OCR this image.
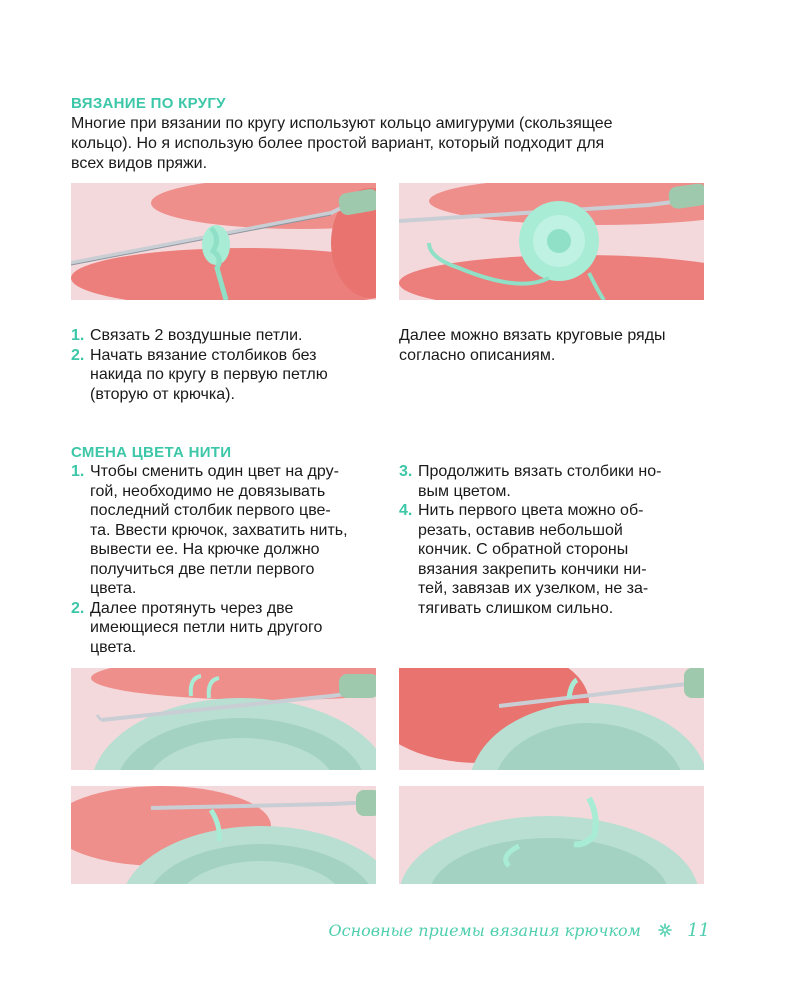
ВЯЗАНИЕ ПО КРУГУ
Многие при вязании по кругу используют кольцо амигуруми (скользящее
кольцо). Но я использую более простой вариант, который подходит для
всех видов пряжи.
1. Связать 2 воздушные петли.
2. Начать вязание столбиков без
накида по кругу в первую петлю
(вторую от крючка).
Далее можно вязать круговые ряды
согласно описаниям.
СМЕНА ЦВЕТА НИТИ
1. Чтобы сменить один цвет на дру-
гой, необходимо не довязывать
последний столбик первого цве-
та. Ввести крючок, захватить нить,
вывести ее. На крючке должно
получиться две петли первого
цвета.
2. Далее протянуть через две
имеющиеся петли нить другого
цвета.
3. Продолжить вязать столбики но-
вым цветом.
4. Нить первого цвета можно об-
резать, оставив небольшой
кончик. С обратной стороны
вязания закрепить кончики ни-
тей, завязав их узелком, не за-
тягивать слишком сильно.
Основные приемы вязания крючком	11
